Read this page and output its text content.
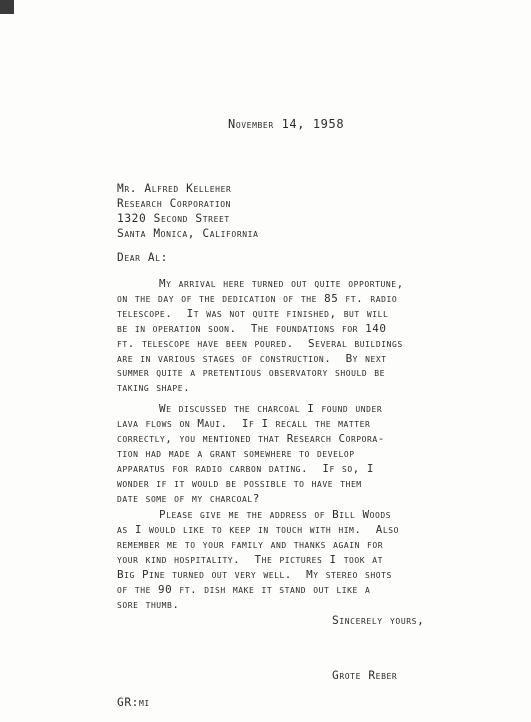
November 14, 1958
Mr. Alfred Kelleher
Research Corporation
1320 Second Street
Santa Monica, California
Dear Al:
My arrival here turned out quite opportune,
on the day of the dedication of the 85 ft. radio
telescope.  It was not quite finished, but will
be in operation soon.  The foundations for 140
ft. telescope have been poured.  Several buildings
are in various stages of construction.  By next
summer quite a pretentious observatory should be
taking shape.
We discussed the charcoal I found under
lava flows on Maui.  If I recall the matter
correctly, you mentioned that Research Corpora-
tion had made a grant somewhere to develop
apparatus for radio carbon dating.  If so, I
wonder if it would be possible to have them
date some of my charcoal?
Please give me the address of Bill Woods
as I would like to keep in touch with him.  Also
remember me to your family and thanks again for
your kind hospitality.  The pictures I took at
Big Pine turned out very well.  My stereo shots
of the 90 ft. dish make it stand out like a
sore thumb.
Sincerely yours,
Grote Reber
GR:mi
